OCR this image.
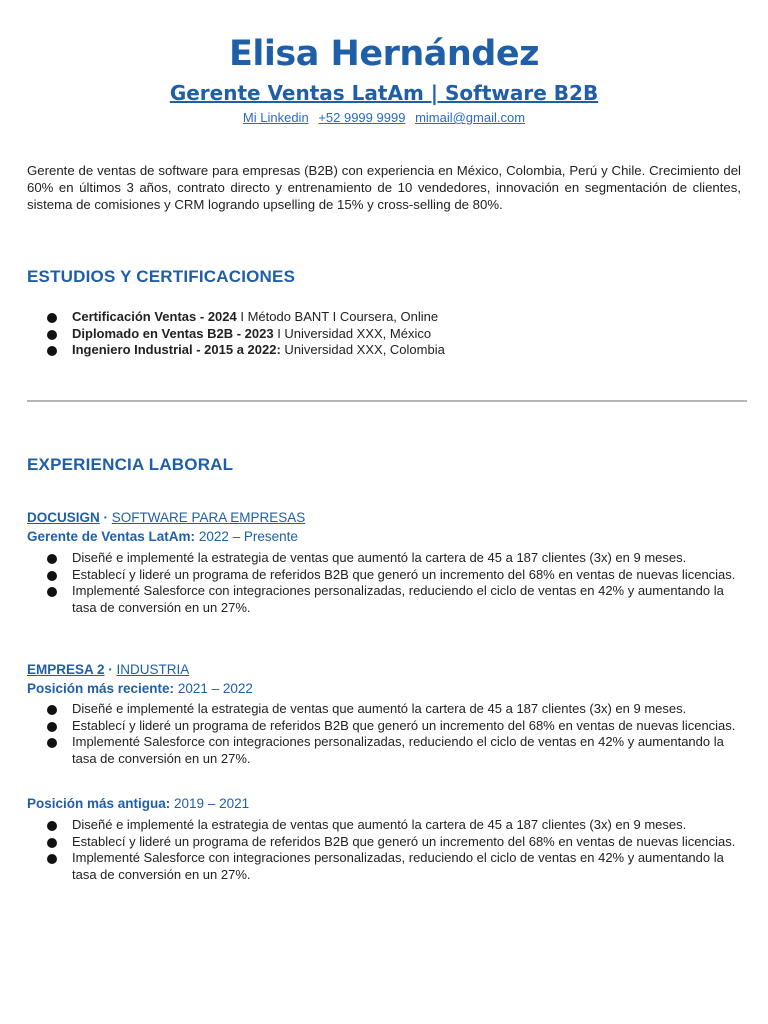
Elisa Hernández
Gerente Ventas LatAm | Software B2B
Mi Linkedin +52 9999 9999 mimail@gmail.com
Gerente de ventas de software para empresas (B2B) con experiencia en México, Colombia, Perú y Chile. Crecimiento del 60% en últimos 3 años, contrato directo y entrenamiento de 10 vendedores, innovación en segmentación de clientes, sistema de comisiones y CRM logrando upselling de 15% y cross-selling de 80%.
ESTUDIOS Y CERTIFICACIONES
Certificación Ventas - 2024 I Método BANT I Coursera, Online
Diplomado en Ventas B2B - 2023 I Universidad XXX, México
Ingeniero Industrial - 2015 a 2022: Universidad XXX, Colombia
EXPERIENCIA LABORAL
DOCUSIGN · SOFTWARE PARA EMPRESAS
Gerente de Ventas LatAm: 2022 – Presente
Diseñé e implementé la estrategia de ventas que aumentó la cartera de 45 a 187 clientes (3x) en 9 meses.
Establecí y lideré un programa de referidos B2B que generó un incremento del 68% en ventas de nuevas licencias.
Implementé Salesforce con integraciones personalizadas, reduciendo el ciclo de ventas en 42% y aumentando la tasa de conversión en un 27%.
EMPRESA 2 · INDUSTRIA
Posición más reciente: 2021 – 2022
Diseñé e implementé la estrategia de ventas que aumentó la cartera de 45 a 187 clientes (3x) en 9 meses.
Establecí y lideré un programa de referidos B2B que generó un incremento del 68% en ventas de nuevas licencias.
Implementé Salesforce con integraciones personalizadas, reduciendo el ciclo de ventas en 42% y aumentando la tasa de conversión en un 27%.
Posición más antigua: 2019 – 2021
Diseñé e implementé la estrategia de ventas que aumentó la cartera de 45 a 187 clientes (3x) en 9 meses.
Establecí y lideré un programa de referidos B2B que generó un incremento del 68% en ventas de nuevas licencias.
Implementé Salesforce con integraciones personalizadas, reduciendo el ciclo de ventas en 42% y aumentando la tasa de conversión en un 27%.
